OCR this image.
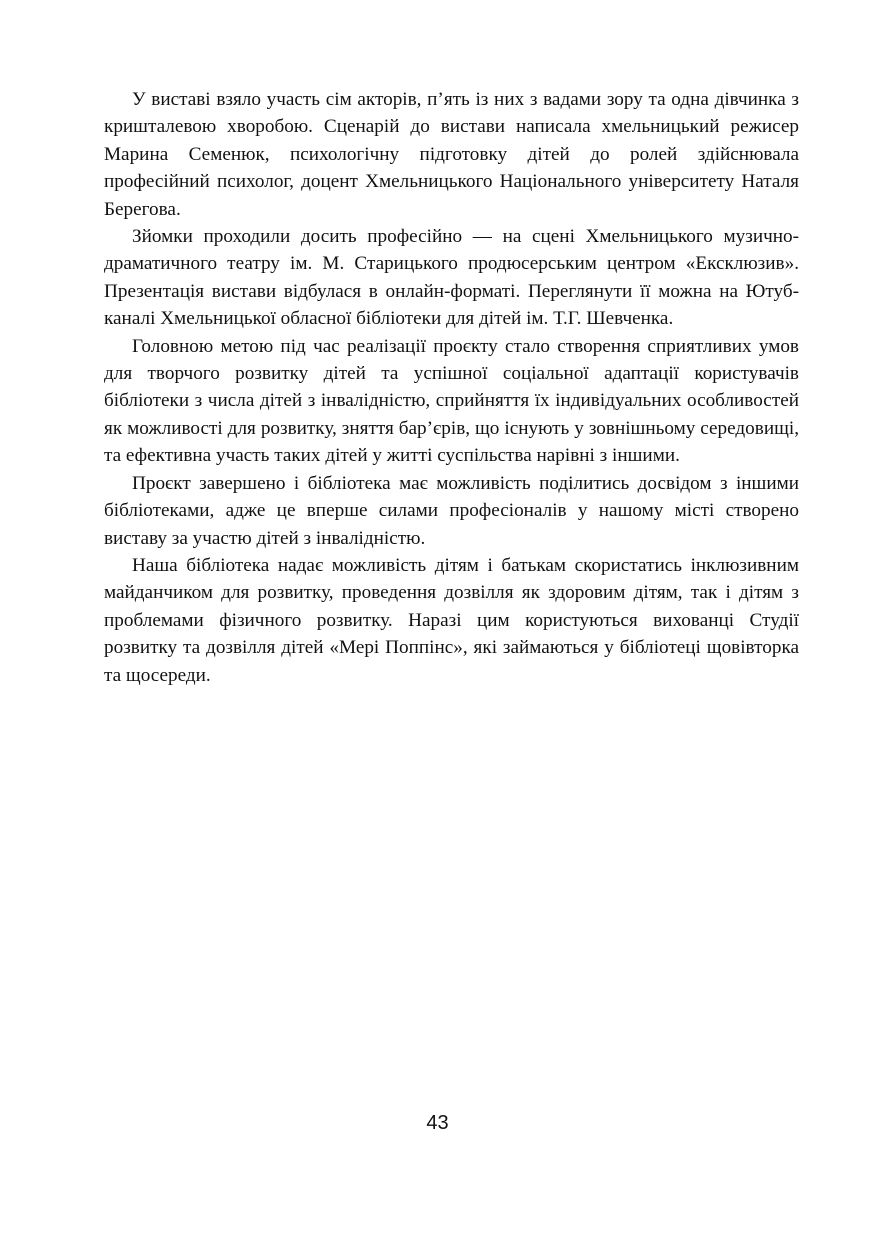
У виставі взяло участь сім акторів, п’ять із них з вадами зору та одна дівчинка з кришталевою хворобою. Сценарій до вистави написала хмельницький режисер Марина Семенюк, психологічну підготовку дітей до ролей здійснювала професійний психолог, доцент Хмельницького Національного університету Наталя Берегова.

Зйомки проходили досить професійно — на сцені Хмельницького музично-драматичного театру ім. М. Старицького продюсерським центром «Ексклюзив». Презентація вистави відбулася в онлайн-форматі. Переглянути її можна на Ютуб-каналі Хмельницької обласної бібліотеки для дітей ім. Т.Г. Шевченка.

Головною метою під час реалізації проєкту стало створення сприятливих умов для творчого розвитку дітей та успішної соціальної адаптації користувачів бібліотеки з числа дітей з інвалідністю, сприйняття їх індивідуальних особливостей як можливості для розвитку, зняття бар’єрів, що існують у зовнішньому середовищі, та ефективна участь таких дітей у житті суспільства нарівні з іншими.

Проєкт завершено і бібліотека має можливість поділитись досвідом з іншими бібліотеками, адже це вперше силами професіоналів у нашому місті створено виставу за участю дітей з інвалідністю.

Наша бібліотека надає можливість дітям і батькам скористатись інклюзивним майданчиком для розвитку, проведення дозвілля як здоровим дітям, так і дітям з проблемами фізичного розвитку. Наразі цим користуються вихованці Студії розвитку та дозвілля дітей «Мері Поппінс», які займаються у бібліотеці щовівторка та щосереди.

43
